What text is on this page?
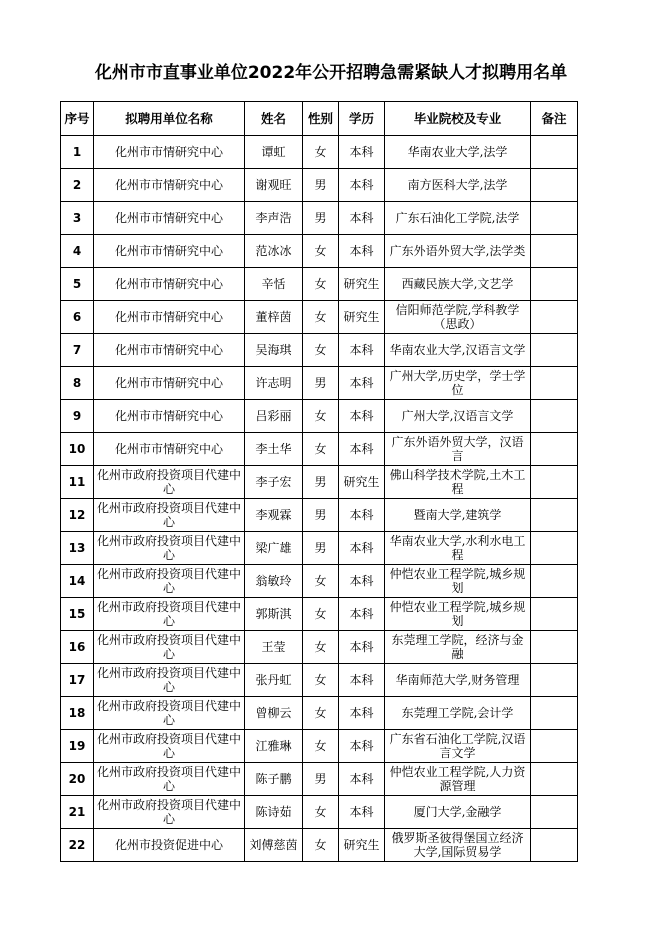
化州市市直事业单位2022年公开招聘急需紧缺人才拟聘用名单
序号	拟聘用单位名称	姓名	性别	学历	毕业院校及专业	备注
1	化州市市情研究中心	谭虹	女	本科	华南农业大学,法学	
2	化州市市情研究中心	谢观旺	男	本科	南方医科大学,法学	
3	化州市市情研究中心	李声浩	男	本科	广东石油化工学院,法学	
4	化州市市情研究中心	范冰冰	女	本科	广东外语外贸大学,法学类	
5	化州市市情研究中心	辛恬	女	研究生	西藏民族大学,文艺学	
6	化州市市情研究中心	董梓茵	女	研究生	信阳师范学院,学科教学（思政）	
7	化州市市情研究中心	吴海琪	女	本科	华南农业大学,汉语言文学	
8	化州市市情研究中心	许志明	男	本科	广州大学,历史学，学士学位	
9	化州市市情研究中心	吕彩丽	女	本科	广州大学,汉语言文学	
10	化州市市情研究中心	李土华	女	本科	广东外语外贸大学，汉语言	
11	化州市政府投资项目代建中心	李子宏	男	研究生	佛山科学技术学院,土木工程	
12	化州市政府投资项目代建中心	李观霖	男	本科	暨南大学,建筑学	
13	化州市政府投资项目代建中心	梁广雄	男	本科	华南农业大学,水利水电工程	
14	化州市政府投资项目代建中心	翁敏玲	女	本科	仲恺农业工程学院,城乡规划	
15	化州市政府投资项目代建中心	郭斯淇	女	本科	仲恺农业工程学院,城乡规划	
16	化州市政府投资项目代建中心	王莹	女	本科	东莞理工学院，经济与金融	
17	化州市政府投资项目代建中心	张丹虹	女	本科	华南师范大学,财务管理	
18	化州市政府投资项目代建中心	曾柳云	女	本科	东莞理工学院,会计学	
19	化州市政府投资项目代建中心	江雅琳	女	本科	广东省石油化工学院,汉语言文学	
20	化州市政府投资项目代建中心	陈子鹏	男	本科	仲恺农业工程学院,人力资源管理	
21	化州市政府投资项目代建中心	陈诗茹	女	本科	厦门大学,金融学	
22	化州市投资促进中心	刘傅慈茵	女	研究生	俄罗斯圣彼得堡国立经济大学,国际贸易学	
